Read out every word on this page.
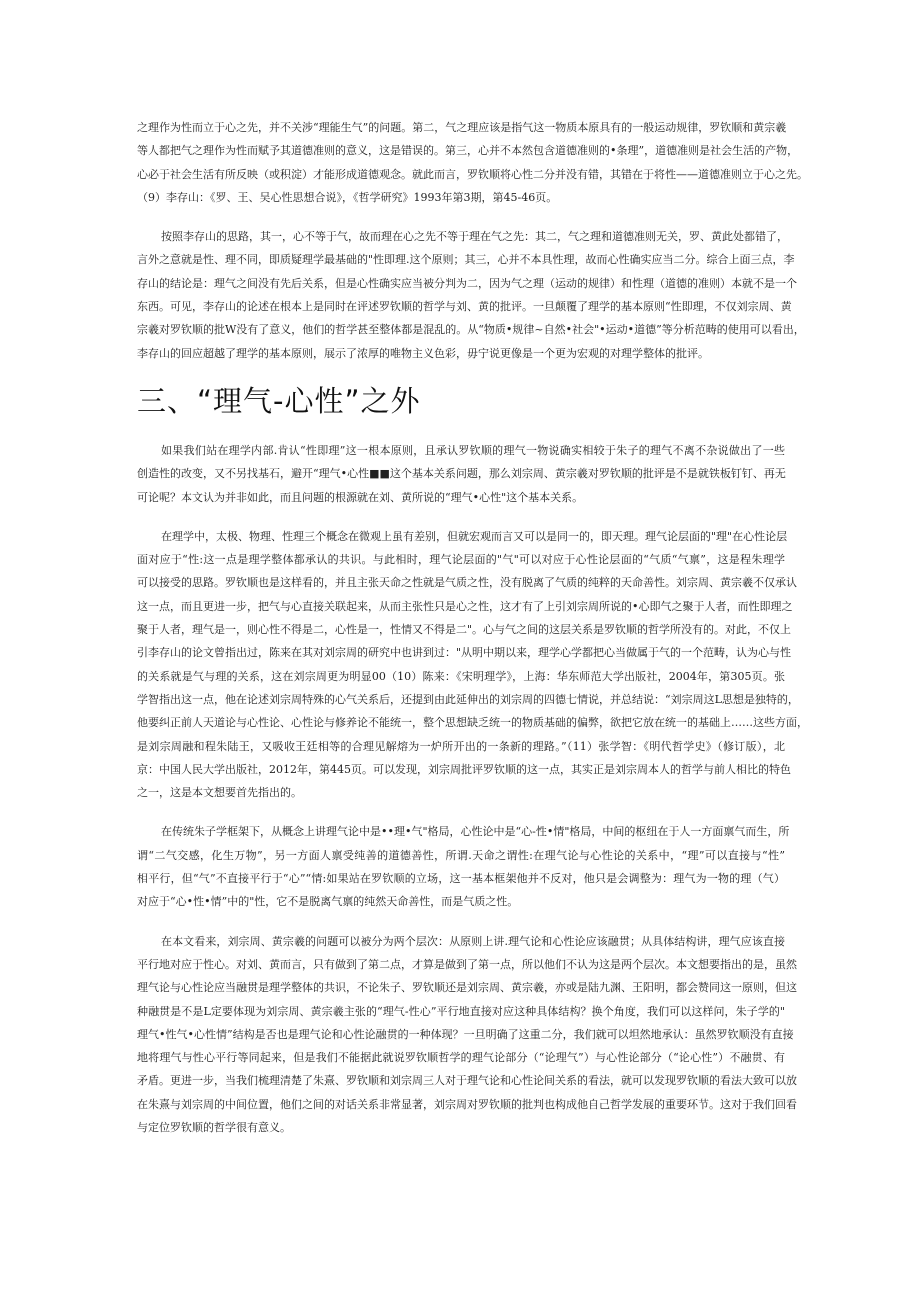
之理作为性而立于心之先，并不关涉“理能生气”的问题。第二，气之理应该是指气这一物质本原具有的一般运动规律，罗钦顺和黄宗羲
等人都把气之理作为性而赋予其道德准则的意义，这是错误的。第三，心并不本然包含道德准则的•条理”，道德准则是社会生活的产物，
心必于社会生活有所反映（或积淀）才能形成道德观念。就此而言，罗钦顺将心性二分并没有错，其错在于将性——道德准则立于心之先。
（9）李存山：《罗、王、吴心性思想合说》，《哲学研究》1993年第3期，第45-46页。
按照李存山的思路，其一，心不等于气，故而理在心之先不等于理在气之先：其二，气之理和道德准则无关，罗、黄此处都错了，
言外之意就是性、理不同，即质疑理学最基础的"性即理.这个原则；其三，心并不本具性理，故而心性确实应当二分。综合上面三点，李
存山的结论是：理气之间没有先后关系，但是心性确实应当被分判为二，因为气之理（运动的规律）和性理（道德的准则）本就不是一个
东西。可见，李存山的论述在根本上是同时在评述罗钦顺的哲学与刘、黄的批评。一旦颠覆了理学的基本原则“性即理，不仅刘宗周、黄
宗羲对罗钦顺的批W没有了意义，他们的哲学甚至整体都是混乱的。从“物质•规律~自然•社会"•运动•道德”等分析范畴的使用可以看出，
李存山的回应超越了理学的基本原则，展示了浓厚的唯物主义色彩，毋宁说更像是一个更为宏观的对理学整体的批评。
三、“理气-心性”之外
如果我们站在理学内部.肯认“性即理”这一根本原则，且承认罗钦顺的理气一物说确实相较于朱子的理气不离不杂说做出了一些
创造性的改变，又不另找基石，避开“理气•心性■■这个基本关系问题，那么刘宗周、黄宗羲对罗钦顺的批评是不是就铁板钉钉、再无
可论呢？本文认为并非如此，而且问题的根源就在刘、黄所说的“理气•心性"这个基本关系。
在理学中，太极、物理、性理三个概念在微观上虽有差别，但就宏观而言又可以是同一的，即天理。理气论层面的"理"在心性论层
面对应于“性:这一点是理学整体都承认的共识。与此相时，理气论层面的"气"可以对应于心性论层面的“气质“气禀”，这是程朱理学
可以接受的思路。罗钦顺也是这样看的，并且主张天命之性就是气质之性，没有脱离了气质的纯粹的天命善性。刘宗周、黄宗羲不仅承认
这一点，而且更进一步，把气与心直接关联起来，从而主张性只是心之性，这才有了上引刘宗周所说的•心即气之聚于人者，而性即理之
聚于人者，理气是一，则心性不得是二，心性是一，性情又不得是二"。心与气之间的这层关系是罗钦顺的哲学所没有的。对此，不仅上
引李存山的论文曾指出过，陈来在其对刘宗周的研究中也讲到过："从明中期以来，理学心学都把心当做属于气的一个范畴，认为心与性
的关系就是气与理的关系，这在刘宗周更为明显00（10）陈来：《宋明理学》，上海：华东师范大学出版社，2004年，第305页。张
学智指出这一点，他在论述刘宗周特殊的心气关系后，还提到由此延伸出的刘宗周的四德七情说，并总结说：“刘宗周这L思想是独特的，
他要纠正前人天道论与心性论、心性论与修养论不能统一，整个思想缺乏统一的物质基础的偏弊，欲把它放在统一的基础上……这些方面，
是刘宗周融和程朱陆王，又吸收王廷相等的合理见解熔为一炉所开出的一条新的理路。”（11）张学智：《明代哲学史》（修订版），北
京：中国人民大学出版社，2012年，第445页。可以发现，刘宗周批评罗钦顺的这一点，其实正是刘宗周本人的哲学与前人相比的特色
之一，这是本文想要首先指出的。
在传统朱子学框架下，从概念上讲理气论中是••理•气"格局，心性论中是“心-性•情"格局，中间的枢纽在于人一方面禀气而生，所
谓“二气交感，化生万物”，另一方面人禀受纯善的道德善性，所谓.天命之谓性:在理气论与心性论的关系中，“理”可以直接与“性”
相平行，但“气”不直接平行于“心”“情:如果站在罗钦顺的立场，这一基本框架他并不反对，他只是会调整为：理气为一物的理（气）
对应于“心•性•情”中的"性，它不是脱离气禀的纯然天命善性，而是气质之性。
在本文看来，刘宗周、黄宗羲的问题可以被分为两个层次：从原则上讲.理气论和心性论应该融贯；从具体结构讲，理气应该直接
平行地对应于性心。对刘、黄而言，只有做到了第二点，才算是做到了第一点，所以他们不认为这是两个层次。本文想要指出的是，虽然
理气论与心性论应当融贯是理学整体的共识，不论朱子、罗钦顺还是刘宗周、黄宗羲，亦或是陆九渊、王阳明，都会赞同这一原则，但这
种融贯是不是L定要体现为刘宗周、黄宗羲主张的“理气-性心”平行地直接对应这种具体结构？换个角度，我们可以这样问，朱子学的"
理气•性气•心性情”结构是否也是理气论和心性论融贯的一种体现？一旦明确了这重二分，我们就可以坦然地承认：虽然罗钦顺没有直接
地将理气与性心平行等同起来，但是我们不能据此就说罗钦顺哲学的理气论部分（“论理气”）与心性论部分（“论心性”）不融贯、有
矛盾。更进一步，当我们梳理清楚了朱熹、罗钦顺和刘宗周三人对于理气论和心性论间关系的看法，就可以发现罗钦顺的看法大致可以放
在朱熹与刘宗周的中间位置，他们之间的对话关系非常显著，刘宗周对罗钦顺的批判也构成他自己哲学发展的重要环节。这对于我们回看
与定位罗钦顺的哲学很有意义。
